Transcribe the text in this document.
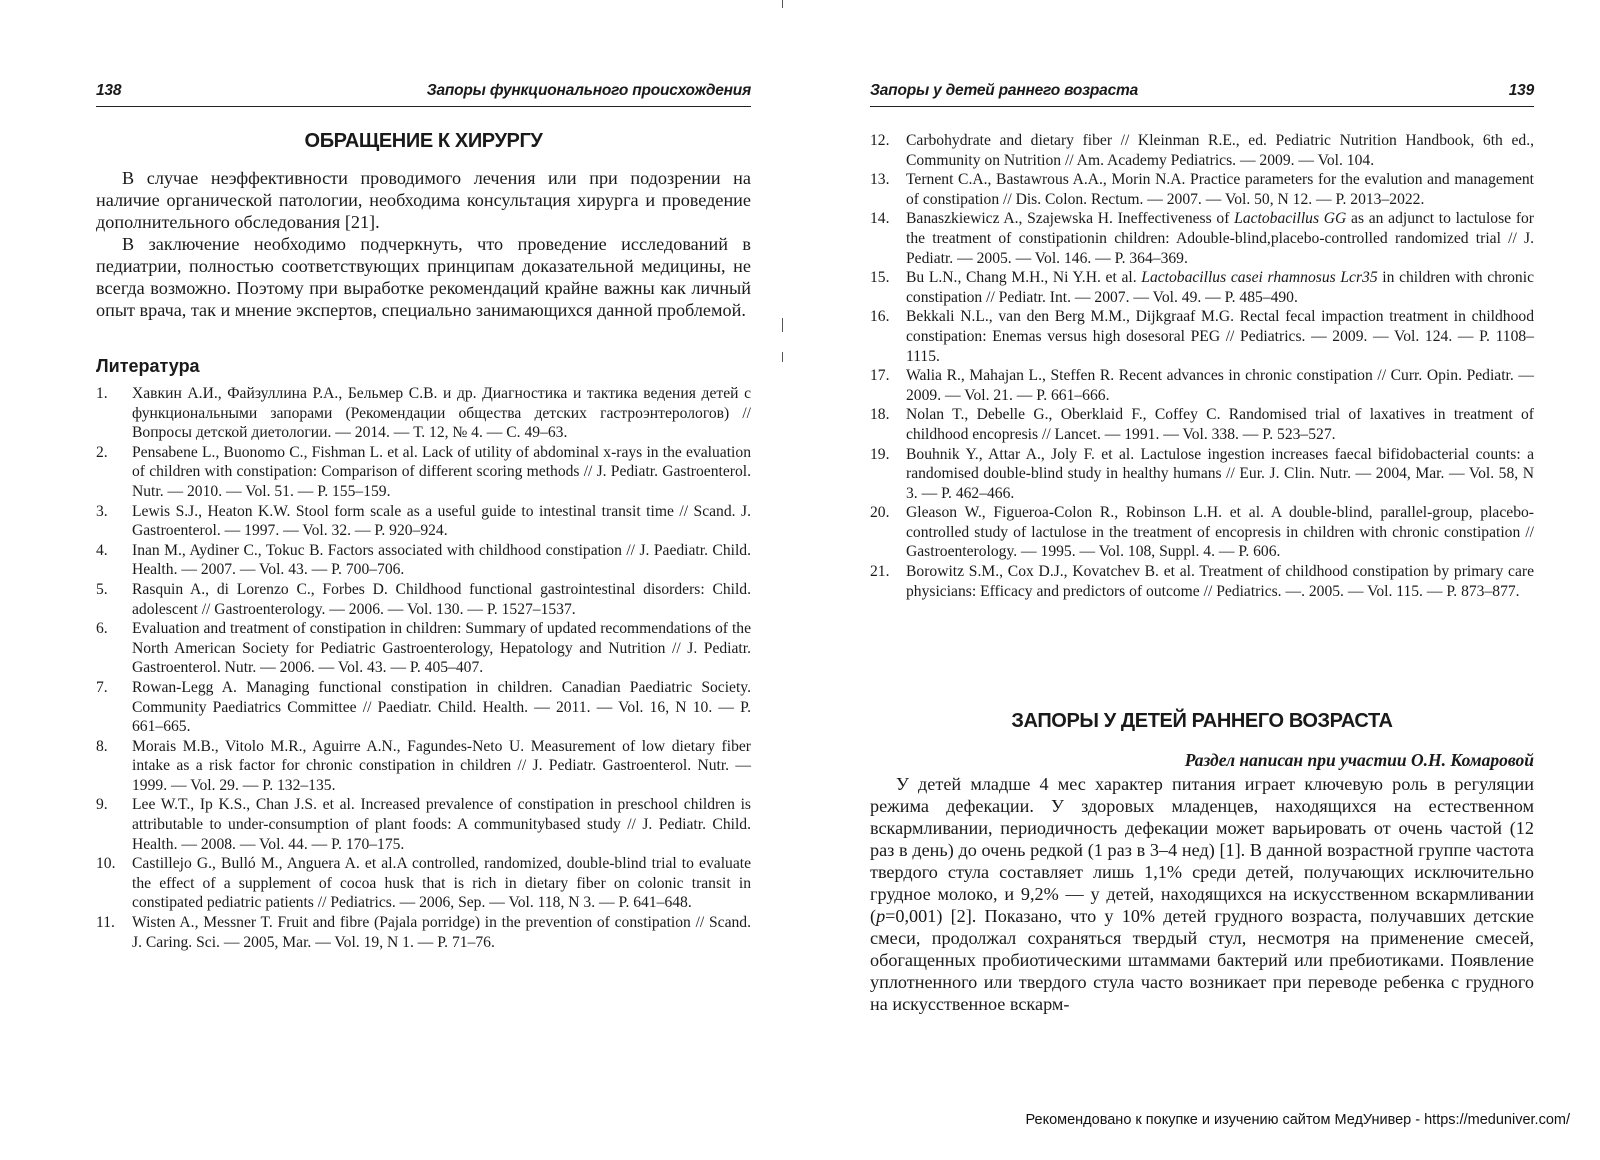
138	Запоры функционального происхождения
ОБРАЩЕНИЕ К ХИРУРГУ

В случае неэффективности проводимого лечения или при подозрении на наличие органической патологии, необходима консультация хирурга и проведение дополнительного обследования [21].

В заключение необходимо подчеркнуть, что проведение исследований в педиатрии, полностью соответствующих принципам доказательной медицины, не всегда возможно. Поэтому при выработке рекомендаций крайне важны как личный опыт врача, так и мнение экспертов, специально занимающихся данной проблемой.

Литература
1. Хавкин А.И., Файзуллина Р.А., Бельмер С.В. и др. Диагностика и тактика ведения детей с функциональными запорами (Рекомендации общества детских гастроэнтерологов) // Вопросы детской диетологии. — 2014. — Т. 12, № 4. — С. 49–63.
2. Pensabene L., Buonomo C., Fishman L. et al. Lack of utility of abdominal x-rays in the evaluation of children with constipation: Comparison of different scoring methods // J. Pediatr. Gastroenterol. Nutr. — 2010. — Vol. 51. — P. 155–159.
3. Lewis S.J., Heaton K.W. Stool form scale as a useful guide to intestinal transit time // Scand. J. Gastroenterol. — 1997. — Vol. 32. — P. 920–924.
4. Inan M., Aydiner C., Tokuc B. Factors associated with childhood constipation // J. Paediatr. Child. Health. — 2007. — Vol. 43. — P. 700–706.
5. Rasquin A., di Lorenzo C., Forbes D. Childhood functional gastrointestinal disorders: Child. adolescent // Gastroenterology. — 2006. — Vol. 130. — P. 1527–1537.
6. Evaluation and treatment of constipation in children: Summary of updated recommendations of the North American Society for Pediatric Gastroenterology, Hepatology and Nutrition // J. Pediatr. Gastroenterol. Nutr. — 2006. — Vol. 43. — P. 405–407.
7. Rowan-Legg A. Managing functional constipation in children. Canadian Paediatric Society. Community Paediatrics Committee // Paediatr. Child. Health. — 2011. — Vol. 16, N 10. — P. 661–665.
8. Morais M.B., Vitolo M.R., Aguirre A.N., Fagundes-Neto U. Measurement of low dietary fiber intake as a risk factor for chronic constipation in children // J. Pediatr. Gastroenterol. Nutr. — 1999. — Vol. 29. — P. 132–135.
9. Lee W.T., Ip K.S., Chan J.S. et al. Increased prevalence of constipation in preschool children is attributable to under-consumption of plant foods: A communitybased study // J. Pediatr. Child. Health. — 2008. — Vol. 44. — P. 170–175.
10. Castillejo G., Bulló M., Anguera A. et al.A controlled, randomized, double-blind trial to evaluate the effect of a supplement of cocoa husk that is rich in dietary fiber on colonic transit in constipated pediatric patients // Pediatrics. — 2006, Sep. — Vol. 118, N 3. — P. 641–648.
11. Wisten A., Messner T. Fruit and fibre (Pajala porridge) in the prevention of constipation // Scand. J. Caring. Sci. — 2005, Mar. — Vol. 19, N 1. — P. 71–76.
Запоры у детей раннего возраста	139
12. Carbohydrate and dietary fiber // Kleinman R.E., ed. Pediatric Nutrition Handbook, 6th ed., Community on Nutrition // Am. Academy Pediatrics. — 2009. — Vol. 104.
13. Ternent C.A., Bastawrous A.A., Morin N.A. Practice parameters for the evalution and management of constipation // Dis. Colon. Rectum. — 2007. — Vol. 50, N 12. — P. 2013–2022.
14. Banaszkiewicz A., Szajewska H. Ineffectiveness of Lactobacillus GG as an adjunct to lactulose for the treatment of constipationin children: Adouble-blind,placebo-controlled randomized trial // J. Pediatr. — 2005. — Vol. 146. — P. 364–369.
15. Bu L.N., Chang M.H., Ni Y.H. et al. Lactobacillus casei rhamnosus Lcr35 in children with chronic constipation // Pediatr. Int. — 2007. — Vol. 49. — P. 485–490.
16. Bekkali N.L., van den Berg M.M., Dijkgraaf M.G. Rectal fecal impaction treatment in childhood constipation: Enemas versus high dosesoral PEG // Pediatrics. — 2009. — Vol. 124. — P. 1108–1115.
17. Walia R., Mahajan L., Steffen R. Recent advances in chronic constipation // Curr. Opin. Pediatr. — 2009. — Vol. 21. — P. 661–666.
18. Nolan T., Debelle G., Oberklaid F., Coffey C. Randomised trial of laxatives in treatment of childhood encopresis // Lancet. — 1991. — Vol. 338. — P. 523–527.
19. Bouhnik Y., Attar A., Joly F. et al. Lactulose ingestion increases faecal bifidobacterial counts: a randomised double-blind study in healthy humans // Eur. J. Clin. Nutr. — 2004, Mar. — Vol. 58, N 3. — P. 462–466.
20. Gleason W., Figueroa-Colon R., Robinson L.H. et al. A double-blind, parallel-group, placebo-controlled study of lactulose in the treatment of encopresis in children with chronic constipation // Gastroenterology. — 1995. — Vol. 108, Suppl. 4. — P. 606.
21. Borowitz S.M., Cox D.J., Kovatchev B. et al. Treatment of childhood constipation by primary care physicians: Efficacy and predictors of outcome // Pediatrics. —. 2005. — Vol. 115. — P. 873–877.
ЗАПОРЫ У ДЕТЕЙ РАННЕГО ВОЗРАСТА
Раздел написан при участии О.Н. Комаровой

У детей младше 4 мес характер питания играет ключевую роль в регуляции режима дефекации. У здоровых младенцев, находящихся на естественном вскармливании, периодичность дефекации может варьировать от очень частой (12 раз в день) до очень редкой (1 раз в 3–4 нед) [1]. В данной возрастной группе частота твердого стула составляет лишь 1,1% среди детей, получающих исключительно грудное молоко, и 9,2% — у детей, находящихся на искусственном вскармливании (p=0,001) [2]. Показано, что у 10% детей грудного возраста, получавших детские смеси, продолжал сохраняться твердый стул, несмотря на применение смесей, обогащенных пробиотическими штаммами бактерий или пребиотиками. Появление уплотненного или твердого стула часто возникает при переводе ребенка с грудного на искусственное вскарм-

Рекомендовано к покупке и изучению сайтом МедУнивер - https://meduniver.com/
